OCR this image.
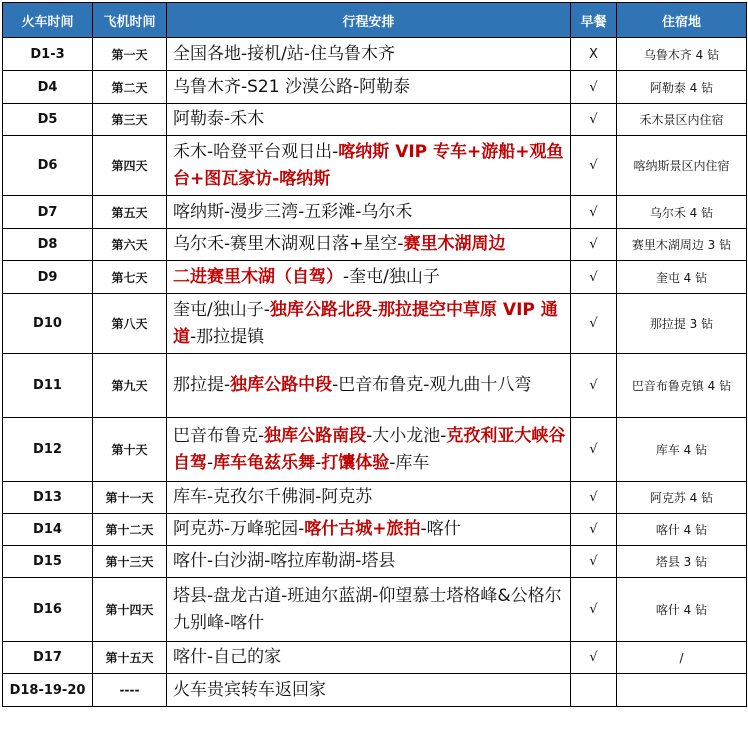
火车时间	飞机时间	行程安排	早餐	住宿地
D1-3	第一天	全国各地-接机/站-住乌鲁木齐	X	乌鲁木齐 4 钻
D4	第二天	乌鲁木齐-S21 沙漠公路-阿勒泰	√	阿勒泰 4 钻
D5	第三天	阿勒泰-禾木	√	禾木景区内住宿
D6	第四天	禾木-哈登平台观日出-喀纳斯 VIP 专车+游船+观鱼台+图瓦家访-喀纳斯	√	喀纳斯景区内住宿
D7	第五天	喀纳斯-漫步三湾-五彩滩-乌尔禾	√	乌尔禾 4 钻
D8	第六天	乌尔禾-赛里木湖观日落+星空-赛里木湖周边	√	赛里木湖周边 3 钻
D9	第七天	二进赛里木湖（自驾）-奎屯/独山子	√	奎屯 4 钻
D10	第八天	奎屯/独山子-独库公路北段-那拉提空中草原 VIP 通道-那拉提镇	√	那拉提 3 钻
D11	第九天	那拉提-独库公路中段-巴音布鲁克-观九曲十八弯	√	巴音布鲁克镇 4 钻
D12	第十天	巴音布鲁克-独库公路南段-大小龙池-克孜利亚大峡谷自驾-库车龟兹乐舞-打馕体验-库车	√	库车 4 钻
D13	第十一天	库车-克孜尔千佛洞-阿克苏	√	阿克苏 4 钻
D14	第十二天	阿克苏-万峰驼园-喀什古城+旅拍-喀什	√	喀什 4 钻
D15	第十三天	喀什-白沙湖-喀拉库勒湖-塔县	√	塔县 3 钻
D16	第十四天	塔县-盘龙古道-班迪尔蓝湖-仰望慕士塔格峰&公格尔九别峰-喀什	√	喀什 4 钻
D17	第十五天	喀什-自己的家	√	/
D18-19-20	----	火车贵宾转车返回家		
